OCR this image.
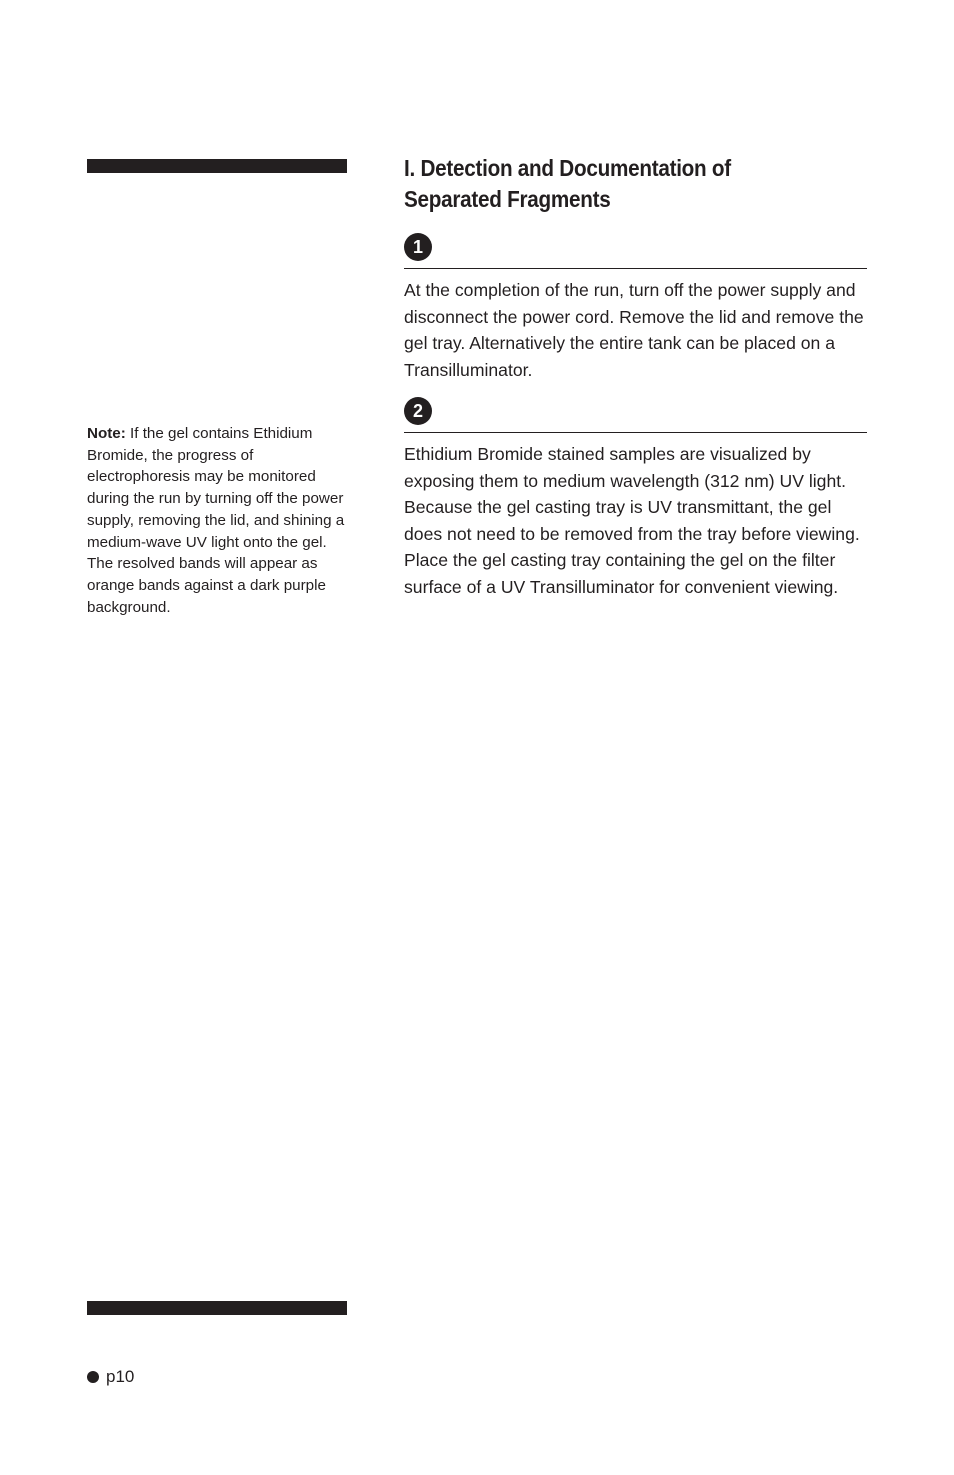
Note: If the gel contains Ethidium Bromide, the progress of electrophoresis may be monitored during the run by turning off the power supply, removing the lid, and shining a medium-wave UV light onto the gel. The resolved bands will appear as orange bands against a dark purple background.
I. Detection and Documentation of
Separated Fragments
1

At the completion of the run, turn off the power supply and disconnect the power cord. Remove the lid and remove the gel tray. Alternatively the entire tank can be placed on a Transilluminator.

2

Ethidium Bromide stained samples are visualized by exposing them to medium wavelength (312 nm) UV light. Because the gel casting tray is UV transmittant, the gel does not need to be removed from the tray before viewing. Place the gel casting tray containing the gel on the filter surface of a UV Transilluminator for convenient viewing.

p10
